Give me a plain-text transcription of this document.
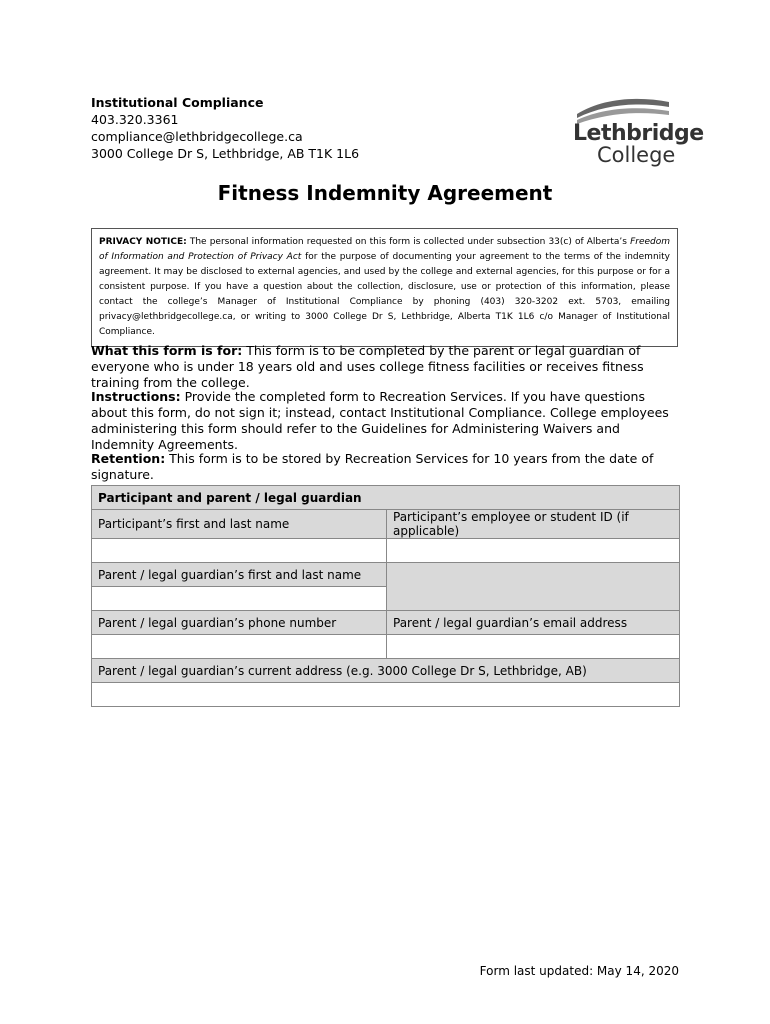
Institutional Compliance
403.320.3361
compliance@lethbridgecollege.ca
3000 College Dr S, Lethbridge, AB T1K 1L6
Lethbridge
College
Fitness Indemnity Agreement
PRIVACY NOTICE: The personal information requested on this form is collected under subsection 33(c) of Alberta’s Freedom of Information and Protection of Privacy Act for the purpose of documenting your agreement to the terms of the indemnity agreement. It may be disclosed to external agencies, and used by the college and external agencies, for this purpose or for a consistent purpose. If you have a question about the collection, disclosure, use or protection of this information, please contact the college’s Manager of Institutional Compliance by phoning (403) 320-3202 ext. 5703, emailing privacy@lethbridgecollege.ca, or writing to 3000 College Dr S, Lethbridge, Alberta T1K 1L6 c/o Manager of Institutional Compliance.
What this form is for: This form is to be completed by the parent or legal guardian of everyone who is under 18 years old and uses college fitness facilities or receives fitness training from the college.
Instructions: Provide the completed form to Recreation Services. If you have questions about this form, do not sign it; instead, contact Institutional Compliance. College employees administering this form should refer to the Guidelines for Administering Waivers and Indemnity Agreements.
Retention: This form is to be stored by Recreation Services for 10 years from the date of signature.
Participant and parent / legal guardian	
Participant’s first and last name	Participant’s employee or student ID (if applicable)

Parent / legal guardian’s first and last name	

Parent / legal guardian’s phone number	Parent / legal guardian’s email address

Parent / legal guardian’s current address (e.g. 3000 College Dr S, Lethbridge, AB)	

Form last updated: May 14, 2020
